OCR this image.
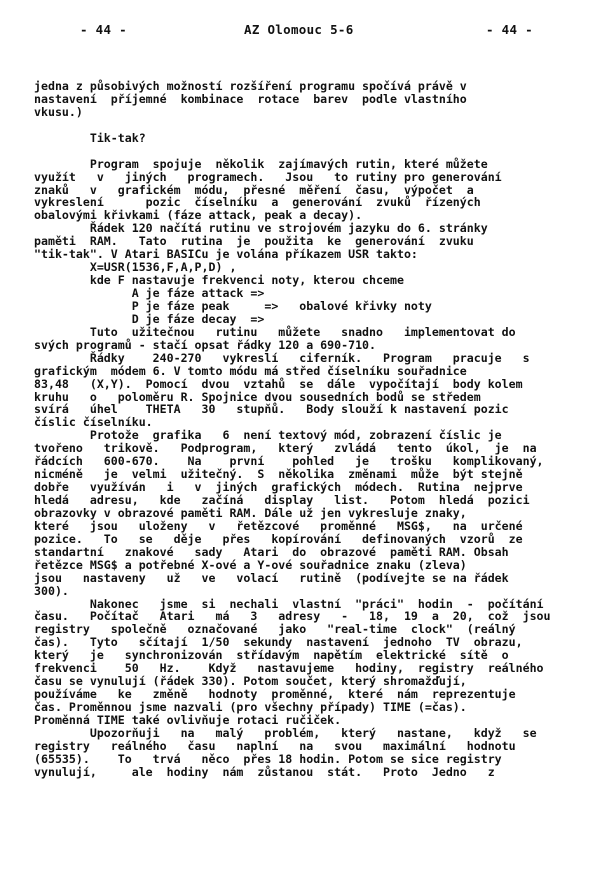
- 44 -	AZ Olomouc 5-6	- 44 -
jedna z působivých možností rozšíření programu spočívá právě v
nastavení  příjemné  kombinace  rotace  barev  podle vlastního
vkusu.)
Tik-tak?
Program  spojuje  několik  zajímavých rutin, které můžete
využít   v   jiných   programech.   Jsou   to rutiny pro generování
znaků   v   grafickém  módu,  přesné  měření  času,  výpočet  a
vykreslení      pozic  číselníku  a  generování  zvuků  řízených
obalovými křivkami (fáze attack, peak a decay).
Řádek 120 načítá rutinu ve strojovém jazyku do 6. stránky
paměti  RAM.   Tato  rutina  je  použita  ke  generování  zvuku
"tik-tak". V Atari BASICu je volána příkazem USR takto:
X=USR(1536,F,A,P,D) ,
kde F nastavuje frekvenci noty, kterou chceme
A je fáze attack =>
P je fáze peak     =>   obalové křivky noty
D je fáze decay  =>
Tuto  užitečnou   rutinu   můžete   snadno   implementovat do
svých programů - stačí opsat řádky 120 a 690-710.
Řádky    240-270   vykreslí   ciferník.   Program   pracuje   s
grafickým  módem 6. V tomto módu má střed číselníku souřadnice
83,48   (X,Y).  Pomocí  dvou  vztahů  se  dále  vypočítají  body kolem
kruhu   o   poloměru R. Spojnice dvou sousedních bodů se středem
svírá   úhel    THETA   30   stupňů.   Body slouží k nastavení pozic
číslic číselníku.
Protože  grafika   6  není textový mód, zobrazení číslic je
tvořeno   trikově.   Podprogram,   který   zvládá   tento  úkol,  je  na
řádcích   600-670.    Na    první    pohled   je   trošku   komplikovaný,
nicméně   je  velmi  užitečný.  S  několika  změnami  může  být stejně
dobře   využíván   i   v  jiných  grafických  módech.  Rutina  nejprve
hledá   adresu,   kde   začíná   display   list.   Potom  hledá  pozici
obrazovky v obrazové paměti RAM. Dále už jen vykresluje znaky,
které   jsou   uloženy   v   řetězcové   proměnné   MSG$,   na  určené
pozice.   To   se   děje   přes   kopírování   definovaných  vzorů  ze
standartní   znakové   sady   Atari  do  obrazové  paměti RAM. Obsah
řetězce MSG$ a potřebné X-ové a Y-ové souřadnice znaku (zleva)
jsou   nastaveny   už   ve   volací   rutině  (podívejte se na řádek
300).
Nakonec   jsme  si  nechali  vlastní  "práci"  hodin  -  počítání
času.   Počítač   Atari   má   3   adresy   -   18,  19  a  20,  což  jsou
registry   společně   označované   jako   "real-time  clock"  (reálný
čas).   Tyto   sčítají  1/50  sekundy  nastavení  jednoho  TV  obrazu,
který   je   synchronizován  střídavým  napětím  elektrické  sítě  o
frekvenci    50   Hz.    Když   nastavujeme   hodiny,  registry  reálného
času se vynulují (řádek 330). Potom součet, který shromažďují,
používáme   ke   změně   hodnoty  proměnné,  které  nám  reprezentuje
čas. Proměnnou jsme nazvali (pro všechny případy) TIME (=čas).
Proměnná TIME také ovlivňuje rotaci ručiček.
Upozorňuji   na   malý   problém,   který   nastane,   když   se
registry   reálného   času   naplní   na   svou   maximální   hodnotu
(65535).    To   trvá   něco  přes 18 hodin. Potom se sice registry
vynulují,     ale  hodiny  nám  zůstanou  stát.   Proto  Jedno   z
